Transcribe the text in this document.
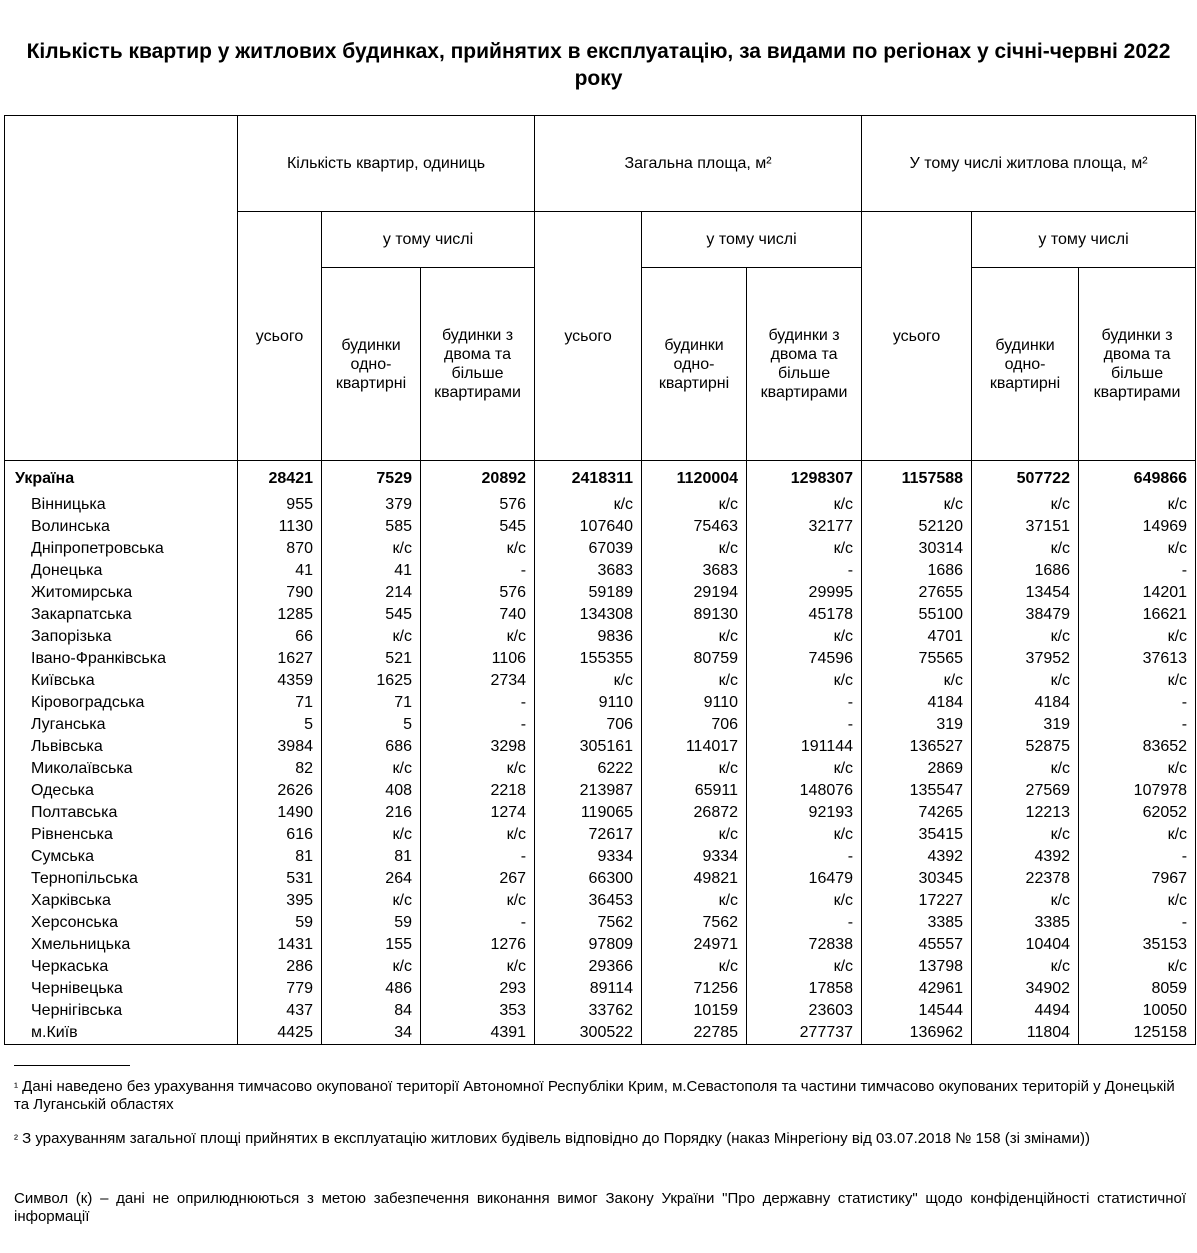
Кількість квартир у житлових будинках, прийнятих в експлуатацію, за видами по регіонах у січні-червні 2022 року
	Кількість квартир, одиниць			Загальна площа, м²			У тому числі житлова площа, м²		
	усього	у тому числі		усього	у тому числі		усього	у тому числі	
		будинки одно-квартирні	будинки з двома та більше квартирами		будинки одно-квартирні	будинки з двома та більше квартирами		будинки одно-квартирні	будинки з двома та більше квартирами
Україна	28421	7529	20892	2418311	1120004	1298307	1157588	507722	649866
Вінницька	955	379	576	к/с	к/с	к/с	к/с	к/с	к/с
Волинська	1130	585	545	107640	75463	32177	52120	37151	14969
Дніпропетровська	870	к/с	к/с	67039	к/с	к/с	30314	к/с	к/с
Донецька	41	41	-	3683	3683	-	1686	1686	-
Житомирська	790	214	576	59189	29194	29995	27655	13454	14201
Закарпатська	1285	545	740	134308	89130	45178	55100	38479	16621
Запорізька	66	к/с	к/с	9836	к/с	к/с	4701	к/с	к/с
Івано-Франківська	1627	521	1106	155355	80759	74596	75565	37952	37613
Київська	4359	1625	2734	к/с	к/с	к/с	к/с	к/с	к/с
Кіровоградська	71	71	-	9110	9110	-	4184	4184	-
Луганська	5	5	-	706	706	-	319	319	-
Львівська	3984	686	3298	305161	114017	191144	136527	52875	83652
Миколаївська	82	к/с	к/с	6222	к/с	к/с	2869	к/с	к/с
Одеська	2626	408	2218	213987	65911	148076	135547	27569	107978
Полтавська	1490	216	1274	119065	26872	92193	74265	12213	62052
Рівненська	616	к/с	к/с	72617	к/с	к/с	35415	к/с	к/с
Сумська	81	81	-	9334	9334	-	4392	4392	-
Тернопільська	531	264	267	66300	49821	16479	30345	22378	7967
Харківська	395	к/с	к/с	36453	к/с	к/с	17227	к/с	к/с
Херсонська	59	59	-	7562	7562	-	3385	3385	-
Хмельницька	1431	155	1276	97809	24971	72838	45557	10404	35153
Черкаська	286	к/с	к/с	29366	к/с	к/с	13798	к/с	к/с
Чернівецька	779	486	293	89114	71256	17858	42961	34902	8059
Чернігівська	437	84	353	33762	10159	23603	14544	4494	10050
м.Київ	4425	34	4391	300522	22785	277737	136962	11804	125158
¹ Дані наведено без урахування тимчасово окупованої території Автономної Республіки Крим, м.Севастополя та частини тимчасово окупованих територій у Донецькій та Луганській областях
² З урахуванням загальної площі прийнятих в експлуатацію житлових будівель відповідно до Порядку (наказ Мінрегіону від 03.07.2018 № 158 (зі змінами))
Символ (к) – дані не оприлюднюються з метою забезпечення виконання вимог Закону України "Про державну статистику" щодо конфіденційності статистичної інформації
